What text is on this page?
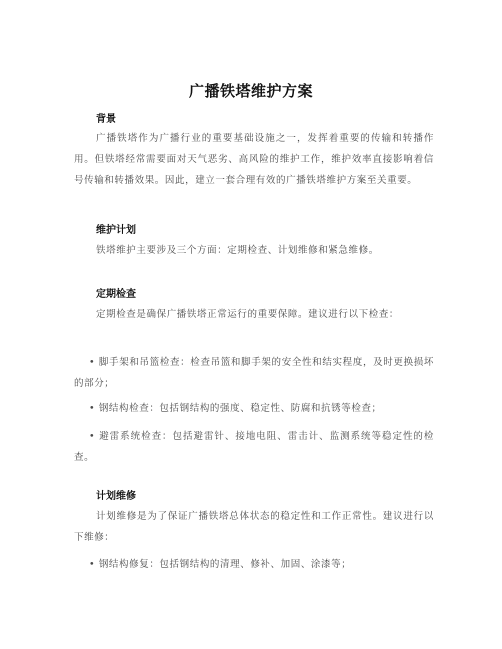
广播铁塔维护方案
背景

广播铁塔作为广播行业的重要基础设施之一，发挥着重要的传输和转播作用。但铁塔经常需要面对天气恶劣、高风险的维护工作，维护效率直接影响着信号传输和转播效果。因此，建立一套合理有效的广播铁塔维护方案至关重要。

维护计划

铁塔维护主要涉及三个方面：定期检查、计划维修和紧急维修。

定期检查

定期检查是确保广播铁塔正常运行的重要保障。建议进行以下检查：

• 脚手架和吊篮检查：检查吊篮和脚手架的安全性和结实程度，及时更换损坏的部分；

• 钢结构检查：包括钢结构的强度、稳定性、防腐和抗锈等检查；

• 避雷系统检查：包括避雷针、接地电阻、雷击计、监测系统等稳定性的检查。

计划维修

计划维修是为了保证广播铁塔总体状态的稳定性和工作正常性。建议进行以下维修：

• 钢结构修复：包括钢结构的清理、修补、加固、涂漆等；
